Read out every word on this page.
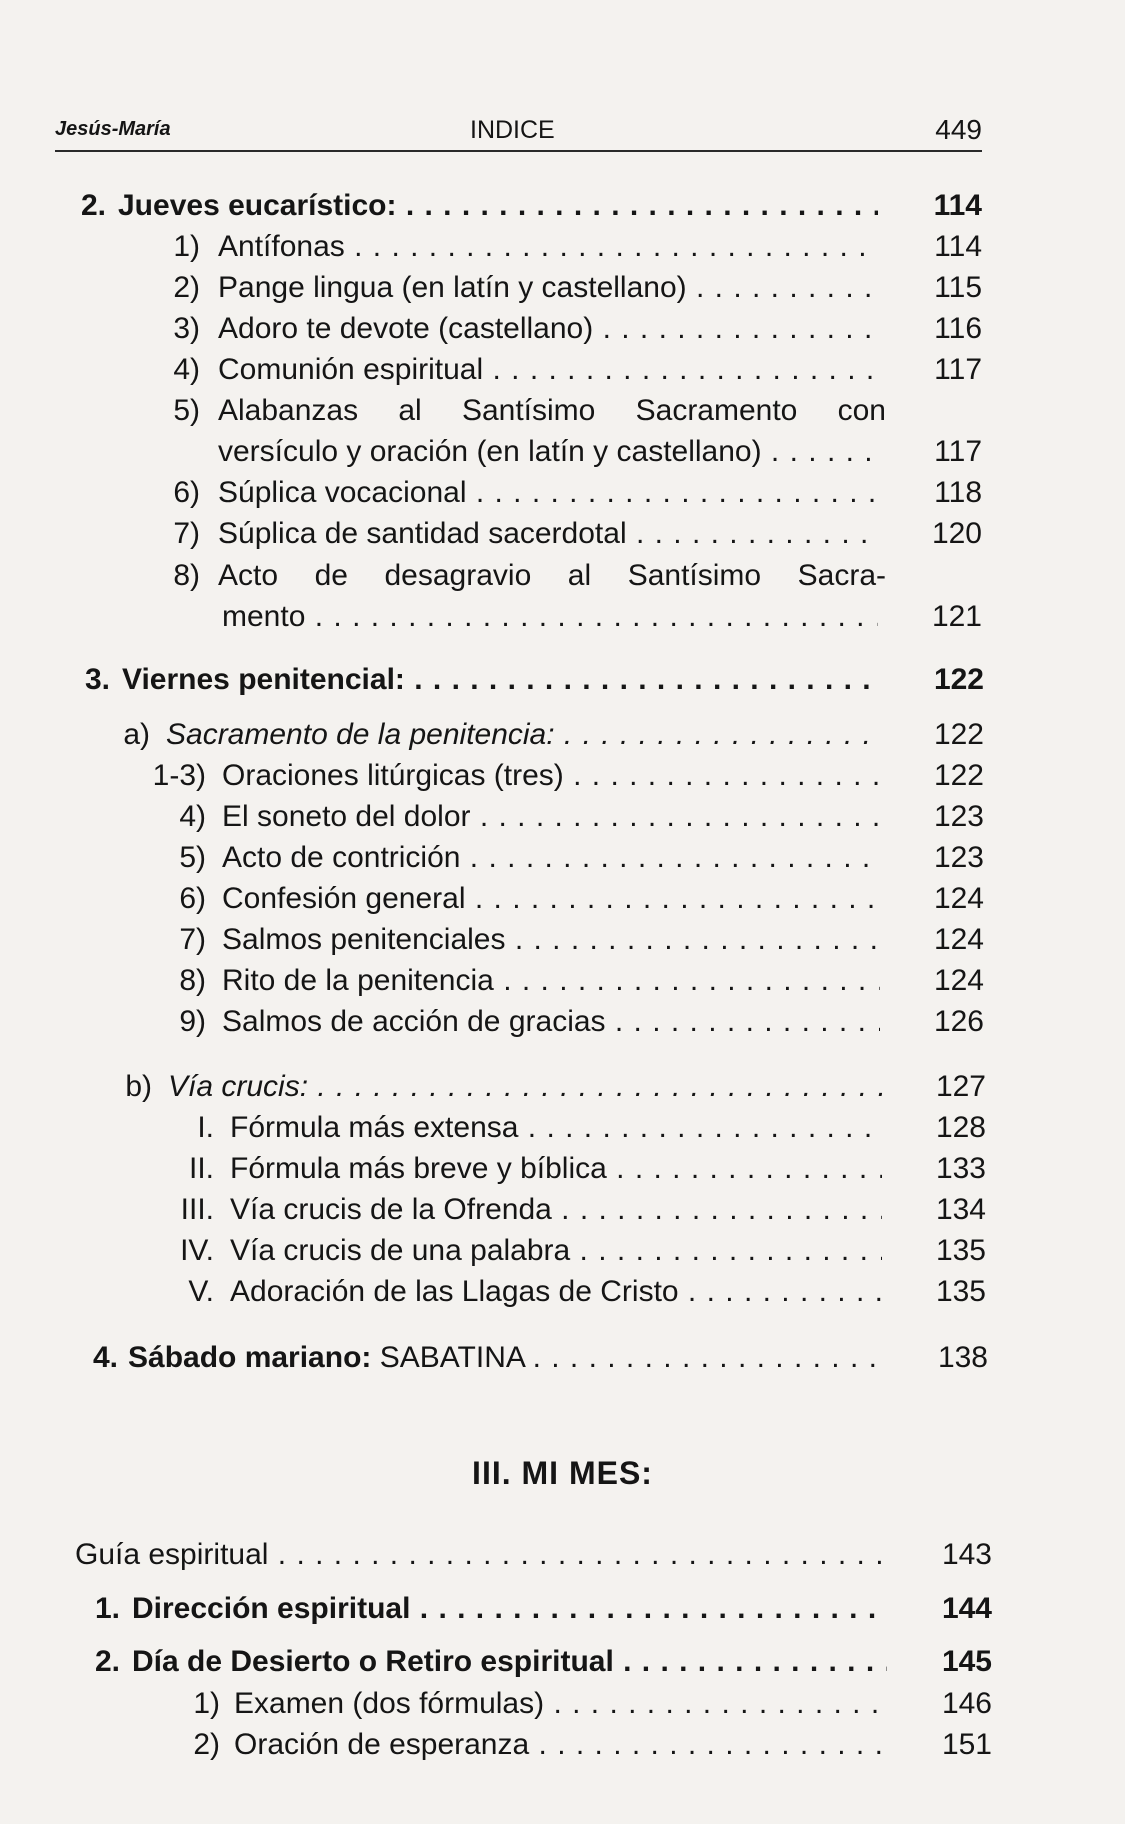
Jesús-María	INDICE	449
2. Jueves eucarístico: . . .	114
1) Antífonas . . .	114
2) Pange lingua (en latín y castellano) . . .	115
3) Adoro te devote (castellano) . . .	116
4) Comunión espiritual . . .	117
5) Alabanzas al Santísimo Sacramento con
versículo y oración (en latín y castellano) . . .	117
6) Súplica vocacional . . .	118
7) Súplica de santidad sacerdotal . . .	120
8) Acto de desagravio al Santísimo Sacra-
mento . . .	121
3. Viernes penitencial: . . .	122
a) Sacramento de la penitencia: . . .	122
1-3) Oraciones litúrgicas (tres) . . .	122
4) El soneto del dolor . . .	123
5) Acto de contrición . . .	123
6) Confesión general . . .	124
7) Salmos penitenciales . . .	124
8) Rito de la penitencia . . .	124
9) Salmos de acción de gracias . . .	126
b) Vía crucis: . . .	127
I. Fórmula más extensa . . .	128
II. Fórmula más breve y bíblica . . .	133
III. Vía crucis de la Ofrenda . . .	134
IV. Vía crucis de una palabra . . .	135
V. Adoración de las Llagas de Cristo . . .	135
4. Sábado mariano: SABATINA . . .	138
III. MI MES:
Guía espiritual . . .	143
1. Dirección espiritual . . .	144
2. Día de Desierto o Retiro espiritual . . .	145
1) Examen (dos fórmulas) . . .	146
2) Oración de esperanza . . .	151
